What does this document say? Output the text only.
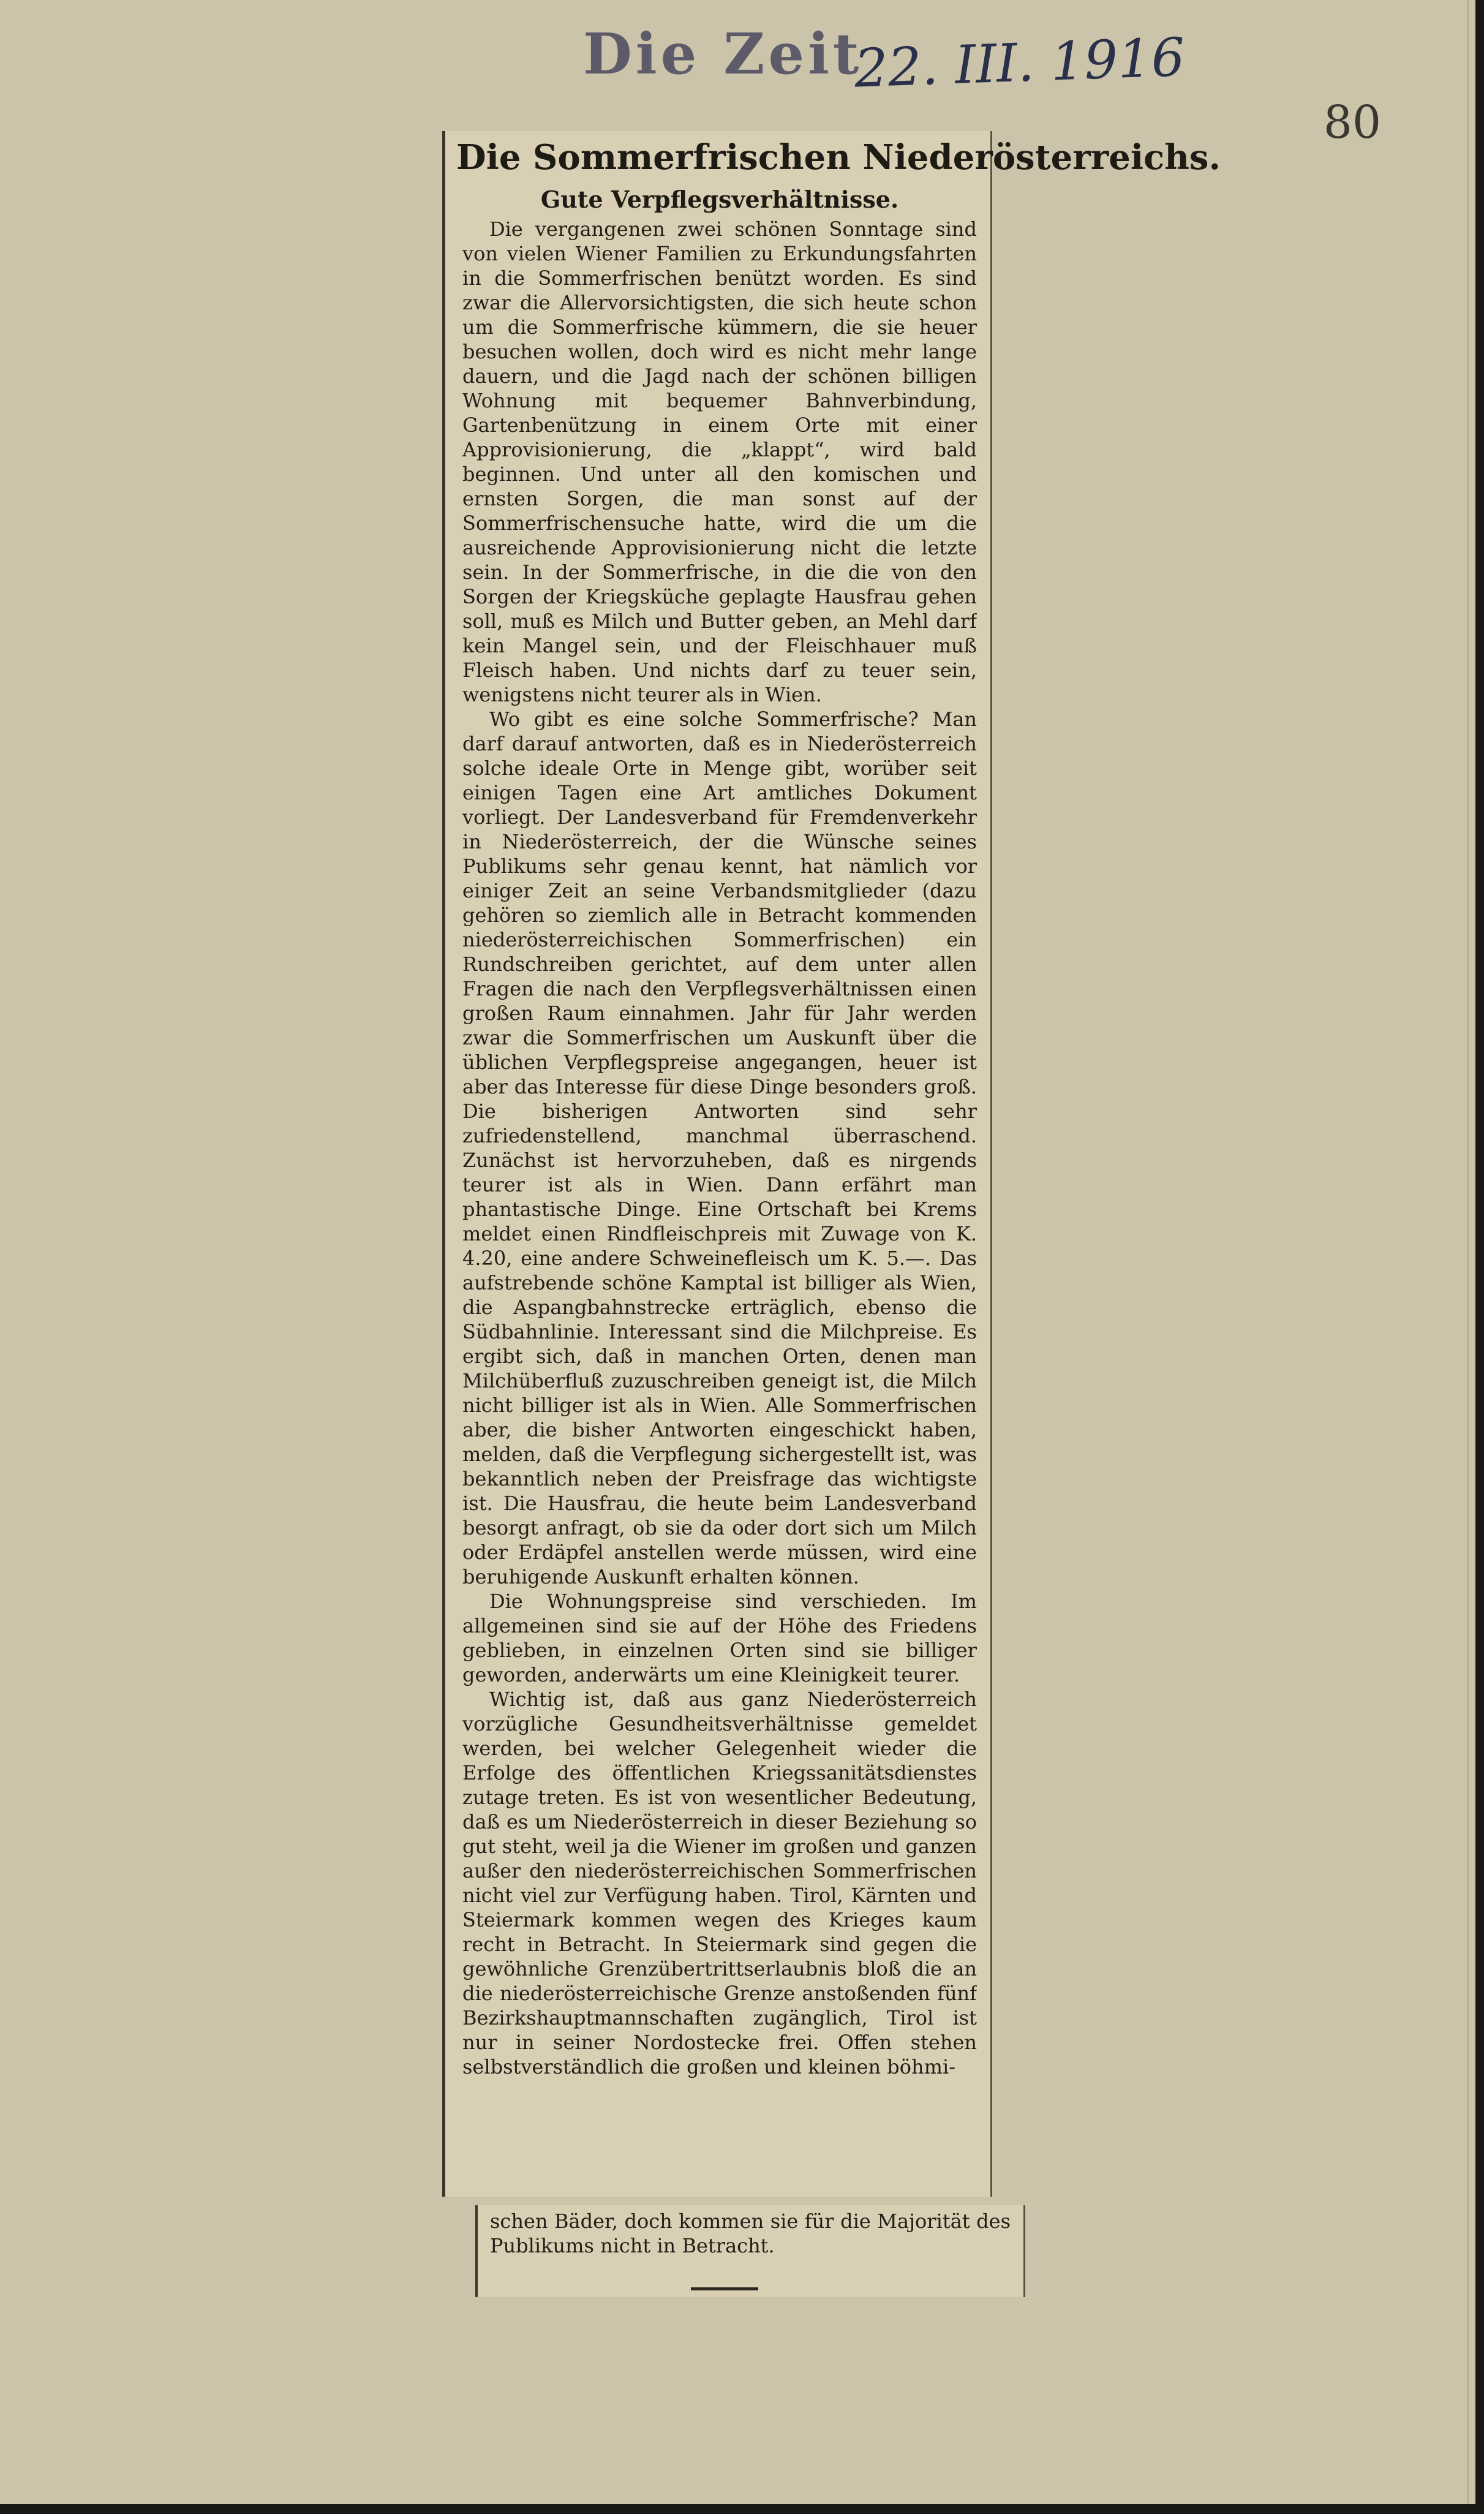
Die Zeit
22. III. 1916
80
Die Sommerfrischen Niederösterreichs.
Gute Verpflegsverhältnisse.

Die vergangenen zwei schönen Sonntage sind von vielen Wiener Familien zu Erkundungsfahrten in die Sommerfrischen benützt worden. Es sind zwar die Allervorsichtigsten, die sich heute schon um die Sommerfrische kümmern, die sie heuer besuchen wollen, doch wird es nicht mehr lange dauern, und die Jagd nach der schönen billigen Wohnung mit bequemer Bahnverbindung, Gartenbenützung in einem Orte mit einer Approvisionierung, die „klappt“, wird bald beginnen. Und unter all den komischen und ernsten Sorgen, die man sonst auf der Sommerfrischensuche hatte, wird die um die ausreichende Approvisionierung nicht die letzte sein. In der Sommerfrische, in die die von den Sorgen der Kriegsküche geplagte Hausfrau gehen soll, muß es Milch und Butter geben, an Mehl darf kein Mangel sein, und der Fleischhauer muß Fleisch haben. Und nichts darf zu teuer sein, wenigstens nicht teurer als in Wien.

Wo gibt es eine solche Sommerfrische? Man darf darauf antworten, daß es in Niederösterreich solche ideale Orte in Menge gibt, worüber seit einigen Tagen eine Art amtliches Dokument vorliegt. Der Landesverband für Fremdenverkehr in Niederösterreich, der die Wünsche seines Publikums sehr genau kennt, hat nämlich vor einiger Zeit an seine Verbandsmitglieder (dazu gehören so ziemlich alle in Betracht kommenden niederösterreichischen Sommerfrischen) ein Rundschreiben gerichtet, auf dem unter allen Fragen die nach den Verpflegsverhältnissen einen großen Raum einnahmen. Jahr für Jahr werden zwar die Sommerfrischen um Auskunft über die üblichen Verpflegspreise angegangen, heuer ist aber das Interesse für diese Dinge besonders groß. Die bisherigen Antworten sind sehr zufriedenstellend, manchmal überraschend. Zunächst ist hervorzuheben, daß es nirgends teurer ist als in Wien. Dann erfährt man phantastische Dinge. Eine Ortschaft bei Krems meldet einen Rindfleischpreis mit Zuwage von K. 4.20, eine andere Schweinefleisch um K. 5.—. Das aufstrebende schöne Kamptal ist billiger als Wien, die Aspangbahnstrecke erträglich, ebenso die Südbahnlinie. Interessant sind die Milchpreise. Es ergibt sich, daß in manchen Orten, denen man Milchüberfluß zuzuschreiben geneigt ist, die Milch nicht billiger ist als in Wien. Alle Sommerfrischen aber, die bisher Antworten eingeschickt haben, melden, daß die Verpflegung sichergestellt ist, was bekanntlich neben der Preisfrage das wichtigste ist. Die Hausfrau, die heute beim Landesverband besorgt anfragt, ob sie da oder dort sich um Milch oder Erdäpfel anstellen werde müssen, wird eine beruhigende Auskunft erhalten können.

Die Wohnungspreise sind verschieden. Im allgemeinen sind sie auf der Höhe des Friedens geblieben, in einzelnen Orten sind sie billiger geworden, anderwärts um eine Kleinigkeit teurer.

Wichtig ist, daß aus ganz Niederösterreich vorzügliche Gesundheitsverhältnisse gemeldet werden, bei welcher Gelegenheit wieder die Erfolge des öffentlichen Kriegssanitätsdienstes zutage treten. Es ist von wesentlicher Bedeutung, daß es um Niederösterreich in dieser Beziehung so gut steht, weil ja die Wiener im großen und ganzen außer den niederösterreichischen Sommerfrischen nicht viel zur Verfügung haben. Tirol, Kärnten und Steiermark kommen wegen des Krieges kaum recht in Betracht. In Steiermark sind gegen die gewöhnliche Grenzübertrittserlaubnis bloß die an die niederösterreichische Grenze anstoßenden fünf Bezirkshauptmannschaften zugänglich, Tirol ist nur in seiner Nordostecke frei. Offen stehen selbstverständlich die großen und kleinen böhmi-

schen Bäder, doch kommen sie für die Majorität des Publikums nicht in Betracht.
